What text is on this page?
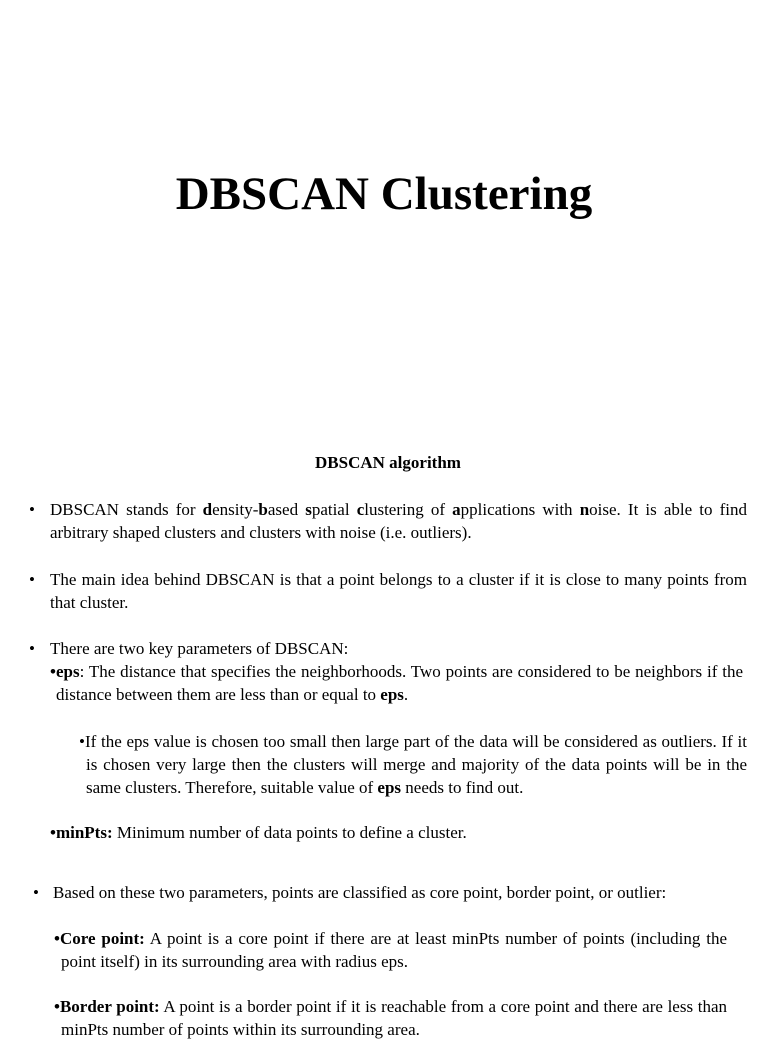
DBSCAN Clustering
DBSCAN algorithm
• DBSCAN stands for density-based spatial clustering of applications with noise. It is able to find arbitrary shaped clusters and clusters with noise (i.e. outliers).
• The main idea behind DBSCAN is that a point belongs to a cluster if it is close to many points from that cluster.
• There are two key parameters of DBSCAN:
•eps: The distance that specifies the neighborhoods. Two points are considered to be neighbors if the distance between them are less than or equal to eps.
•If the eps value is chosen too small then large part of the data will be considered as outliers. If it is chosen very large then the clusters will merge and majority of the data points will be in the same clusters. Therefore, suitable value of eps needs to find out.
•minPts: Minimum number of data points to define a cluster.
• Based on these two parameters, points are classified as core point, border point, or outlier:
•Core point: A point is a core point if there are at least minPts number of points (including the point itself) in its surrounding area with radius eps.
•Border point: A point is a border point if it is reachable from a core point and there are less than minPts number of points within its surrounding area.
